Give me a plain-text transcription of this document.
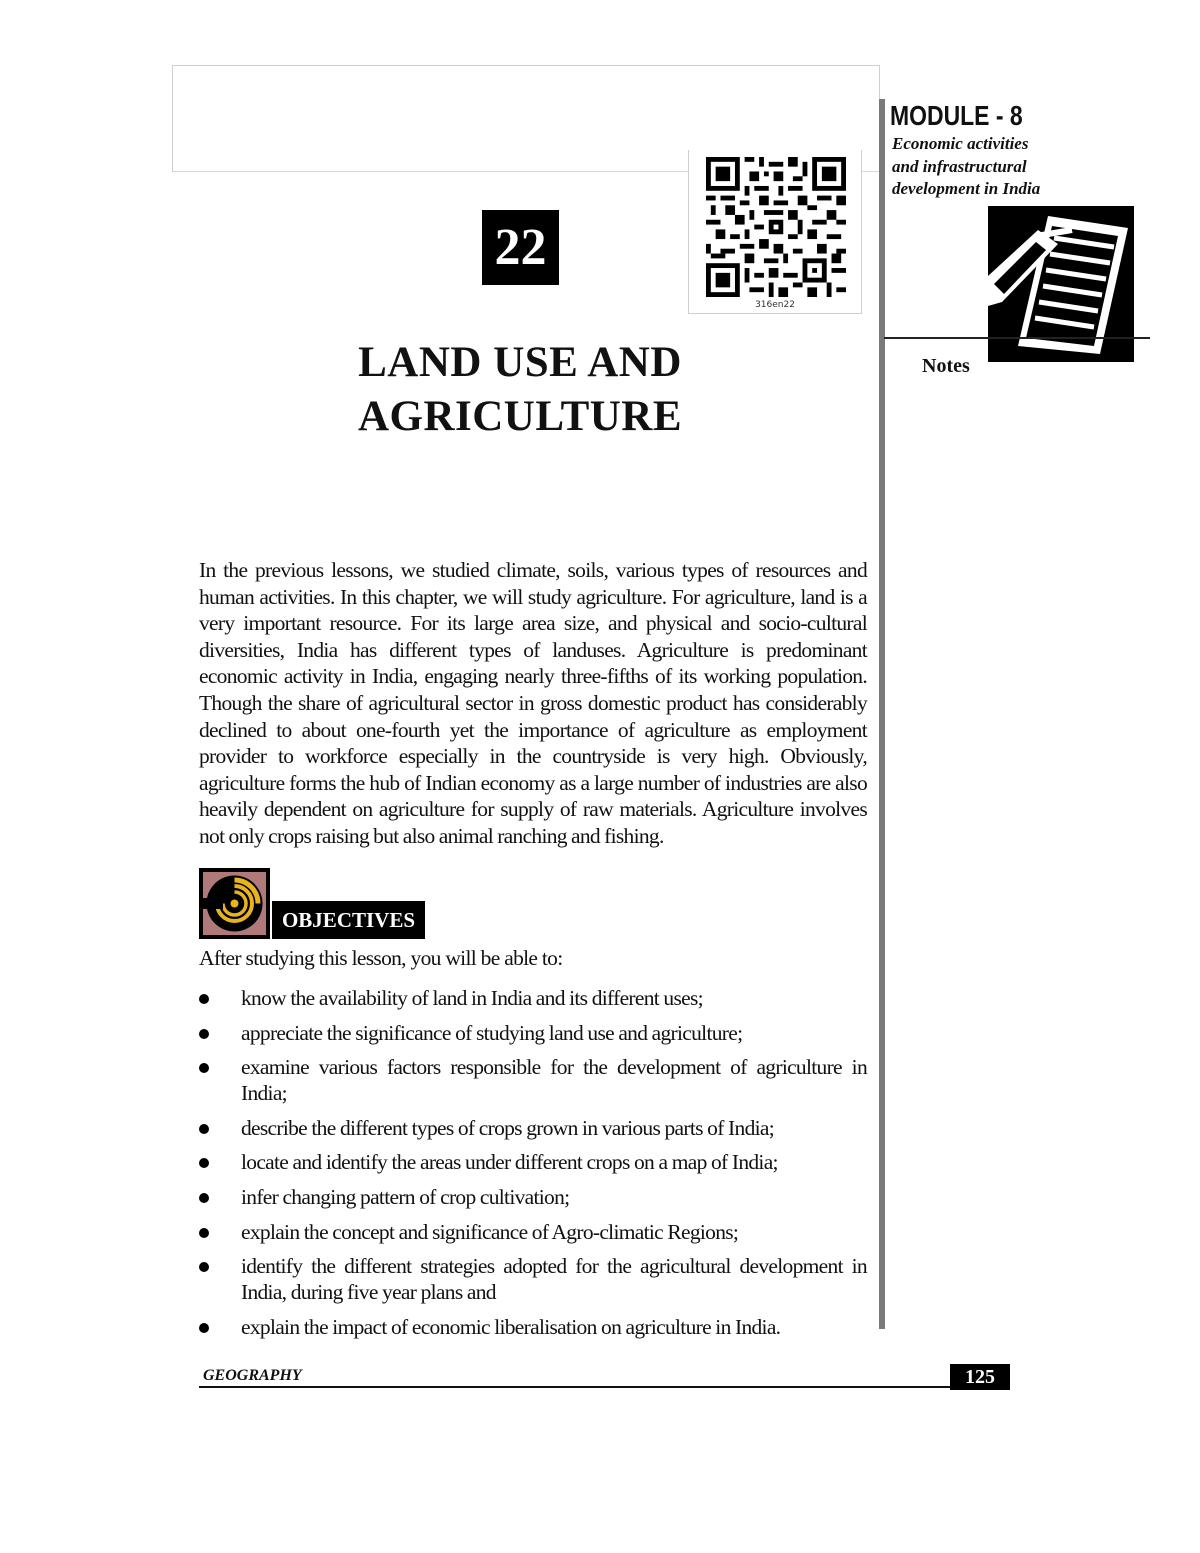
22
316en22
LAND USE AND
AGRICULTURE
MODULE - 8
Economic activities
and infrastructural
development in India
Notes
In the previous lessons, we studied climate, soils, various types of resources and human activities. In this chapter, we will study agriculture. For agriculture, land is a very important resource. For its large area size, and physical and socio-cultural diversities, India has different types of landuses. Agriculture is predominant economic activity in India, engaging nearly three-fifths of its working population. Though the share of agricultural sector in gross domestic product has considerably declined to about one-fourth yet the importance of agriculture as employment provider to workforce especially in the countryside is very high. Obviously, agriculture forms the hub of Indian economy as a large number of industries are also heavily dependent on agriculture for supply of raw materials. Agriculture involves not only crops raising but also animal ranching and fishing.
OBJECTIVES
After studying this lesson, you will be able to:
know the availability of land in India and its different uses;
appreciate the significance of studying land use and agriculture;
examine various factors responsible for the development of agriculture in India;
describe the different types of crops grown in various parts of India;
locate and identify the areas under different crops on a map of India;
infer changing pattern of crop cultivation;
explain the concept and significance of Agro-climatic Regions;
identify the different strategies adopted for the agricultural development in India, during five year plans and
explain the impact of economic liberalisation on agriculture in India.
GEOGRAPHY	125
